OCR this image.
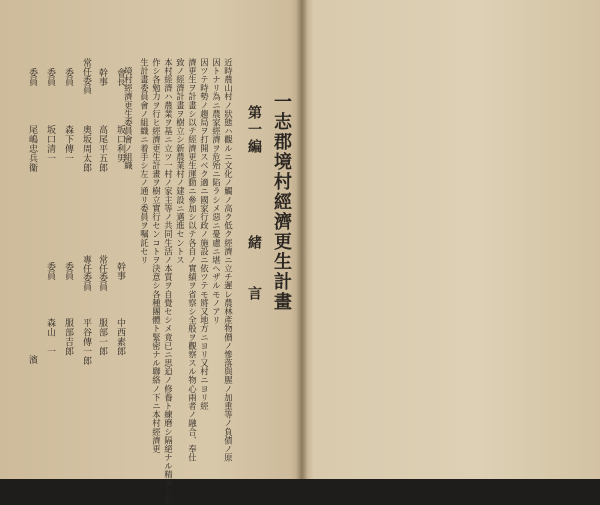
一志郡境村經濟更生計畫
第一編
緒　　言
近時農山村ノ狀態ハ觀ルニ文化ノ觸ノ高ク低ク經濟ニ立チ遲レ農林產物價ノ慘落與腥ノ加重等ノ負債ノ原
因トナリ為ニ農家經濟ヲ危殆ニ陷ラシメ惡ニ憂慮ニ堪ヘザルモノアリ
因ツテ時勢ノ趨局ヲ打開スベク適ニ國家行政ノ施設ニ依ツテモ將又地方ニヨリ又村ニヨリ經
濟更生ヲ計畫シ以テ經濟更生運動ニ參加シ以テ各自ノ實績ヲ省察シ全般ヲ觀察スル物心兩者ノ融合、奉仕
致ノ經濟計畫ヲ樹立シ新農業村ノ建設ニ邁進セントス
本村經濟ハ農業ヲ基ニ立ツ一村ノ家主等ノ共同生活ノ本質ヲ自覺セシメ竟已ニ思迫ノ修養ト練磨シ隔絕ナル精神ヲ振
作シ各勉力ヲ行ヒ經濟更生計畫ヲ樹立實行センコトヲ決意シ各種團體ト緊密ナル聯絡ノ下ニ本村經濟更
生計畫委員會ノ組織ニ着手シ左ノ通リ委員ヲ嘱託セリ
　境村經濟更生委員會ノ組織
會長
坂口利男
幹事
高尾平五郎
常任委員
奧坂周太郎
委員
森下傳一
委員
坂口清一
委員
尾嶋忠兵衞
幹事
中西素郎
常任委員
服部一郎
專任委員
平谷傳一郎
委員
服部吉郎
委員
森山　一
濱
